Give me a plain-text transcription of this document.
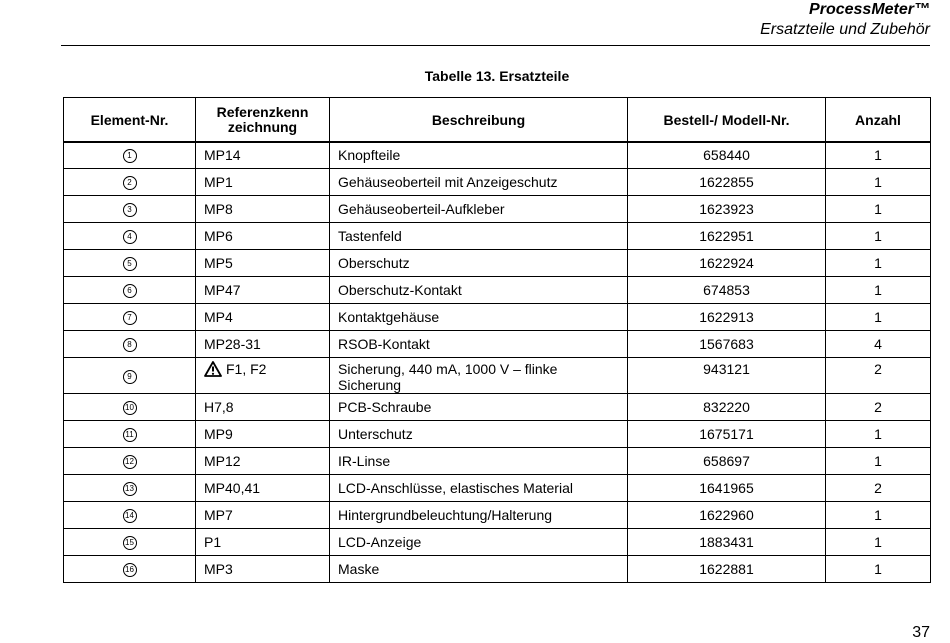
ProcessMeter™
Ersatzteile und Zubehör
Tabelle 13. Ersatzteile
Element-Nr.	Referenzkenn zeichnung	Beschreibung	Bestell-/ Modell-Nr.	Anzahl
1	MP14	Knopfteile	658440	1
2	MP1	Gehäuseoberteil mit Anzeigeschutz	1622855	1
3	MP8	Gehäuseoberteil-Aufkleber	1623923	1
4	MP6	Tastenfeld	1622951	1
5	MP5	Oberschutz	1622924	1
6	MP47	Oberschutz-Kontakt	674853	1
7	MP4	Kontaktgehäuse	1622913	1
8	MP28-31	RSOB-Kontakt	1567683	4
9	F1, F2	Sicherung, 440 mA, 1000 V – flinke Sicherung	943121	2
10	H7,8	PCB-Schraube	832220	2
11	MP9	Unterschutz	1675171	1
12	MP12	IR-Linse	658697	1
13	MP40,41	LCD-Anschlüsse, elastisches Material	1641965	2
14	MP7	Hintergrundbeleuchtung/Halterung	1622960	1
15	P1	LCD-Anzeige	1883431	1
16	MP3	Maske	1622881	1
37
